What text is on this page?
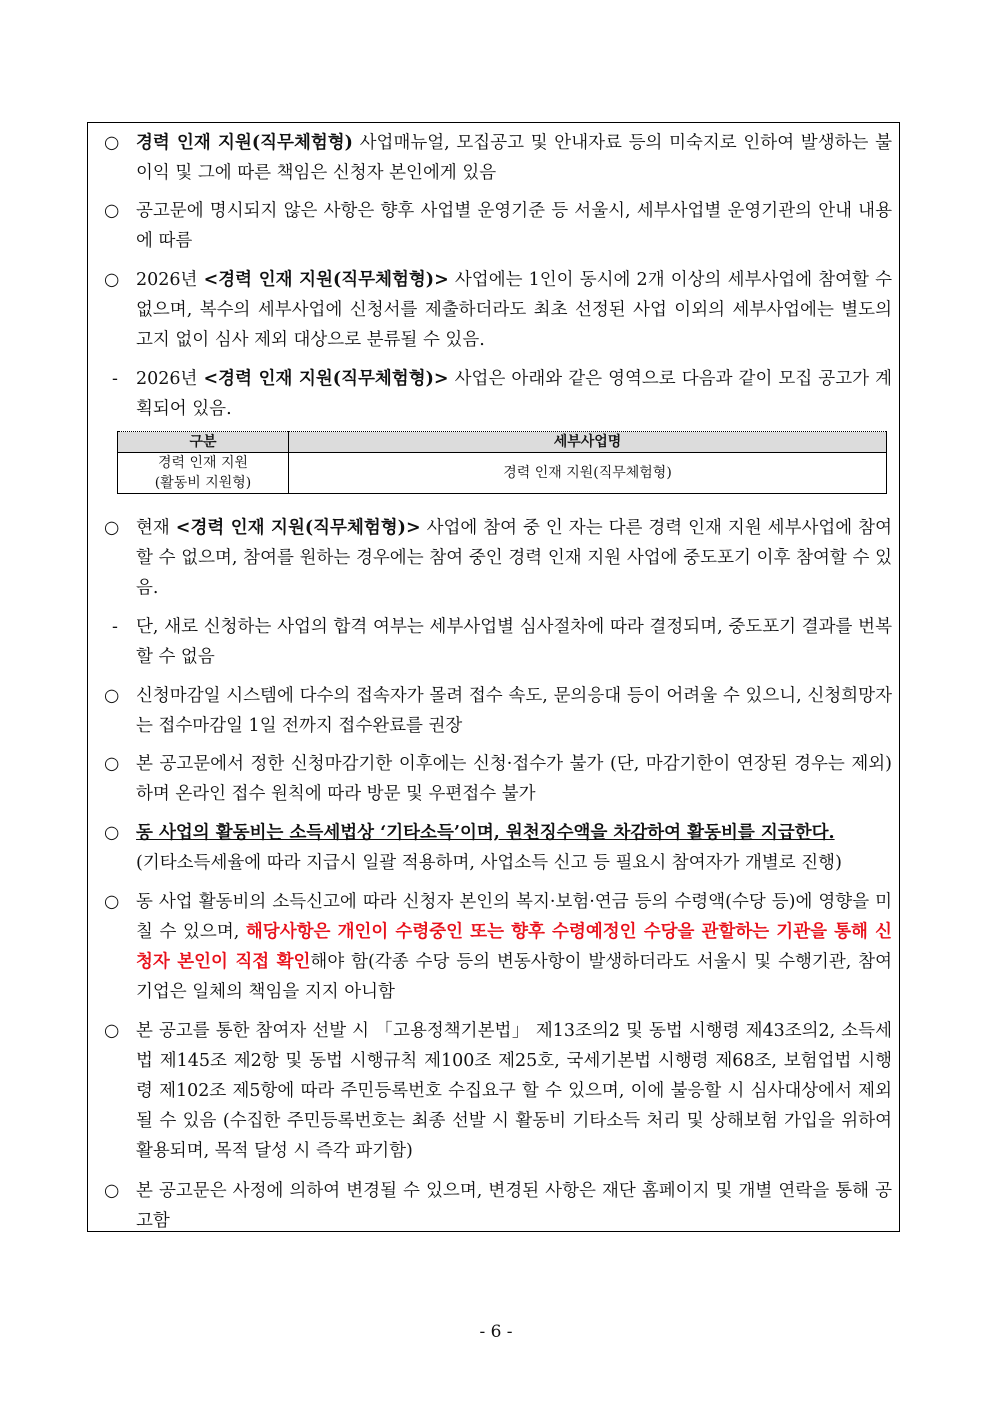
○ 경력 인재 지원(직무체험형) 사업매뉴얼, 모집공고 및 안내자료 등의 미숙지로 인하여 발생하는 불이익 및 그에 따른 책임은 신청자 본인에게 있음
○ 공고문에 명시되지 않은 사항은 향후 사업별 운영기준 등 서울시, 세부사업별 운영기관의 안내 내용에 따름
○ 2026년 <경력 인재 지원(직무체험형)> 사업에는 1인이 동시에 2개 이상의 세부사업에 참여할 수 없으며, 복수의 세부사업에 신청서를 제출하더라도 최초 선정된 사업 이외의 세부사업에는 별도의 고지 없이 심사 제외 대상으로 분류될 수 있음.
-	2026년 <경력 인재 지원(직무체험형)> 사업은 아래와 같은 영역으로 다음과 같이 모집 공고가 계획되어 있음.
구분	세부사업명

경력 인재 지원
(활동비 지원형)	경력 인재 지원(직무체험형)
○ 현재 <경력 인재 지원(직무체험형)> 사업에 참여 중 인 자는 다른 경력 인재 지원 세부사업에 참여할 수 없으며, 참여를 원하는 경우에는 참여 중인 경력 인재 지원 사업에 중도포기 이후 참여할 수 있음.
-	단, 새로 신청하는 사업의 합격 여부는 세부사업별 심사절차에 따라 결정되며, 중도포기 결과를 번복할 수 없음
○ 신청마감일 시스템에 다수의 접속자가 몰려 접수 속도, 문의응대 등이 어려울 수 있으니, 신청희망자는 접수마감일 1일 전까지 접수완료를 권장
○ 본 공고문에서 정한 신청마감기한 이후에는 신청·접수가 불가 (단, 마감기한이 연장된 경우는 제외)하며 온라인 접수 원칙에 따라 방문 및 우편접수 불가
○ 동 사업의 활동비는 소득세법상 ‘기타소득’이며, 원천징수액을 차감하여 활동비를 지급한다.
(기타소득세율에 따라 지급시 일괄 적용하며, 사업소득 신고 등 필요시 참여자가 개별로 진행)
○ 동 사업 활동비의 소득신고에 따라 신청자 본인의 복지·보험·연금 등의 수령액(수당 등)에 영향을 미칠 수 있으며, 해당사항은 개인이 수령중인 또는 향후 수령예정인 수당을 관할하는 기관을 통해 신청자 본인이 직접 확인해야 함(각종 수당 등의 변동사항이 발생하더라도 서울시 및 수행기관, 참여기업은 일체의 책임을 지지 아니함
○ 본 공고를 통한 참여자 선발 시 「고용정책기본법」 제13조의2 및 동법 시행령 제43조의2, 소득세법 제145조 제2항 및 동법 시행규칙 제100조 제25호, 국세기본법 시행령 제68조, 보험업법 시행령 제102조 제5항에 따라 주민등록번호 수집요구 할 수 있으며, 이에 불응할 시 심사대상에서 제외될 수 있음 (수집한 주민등록번호는 최종 선발 시 활동비 기타소득 처리 및 상해보험 가입을 위하여 활용되며, 목적 달성 시 즉각 파기함)
○ 본 공고문은 사정에 의하여 변경될 수 있으며, 변경된 사항은 재단 홈페이지 및 개별 연락을 통해 공고함
- 6 -
